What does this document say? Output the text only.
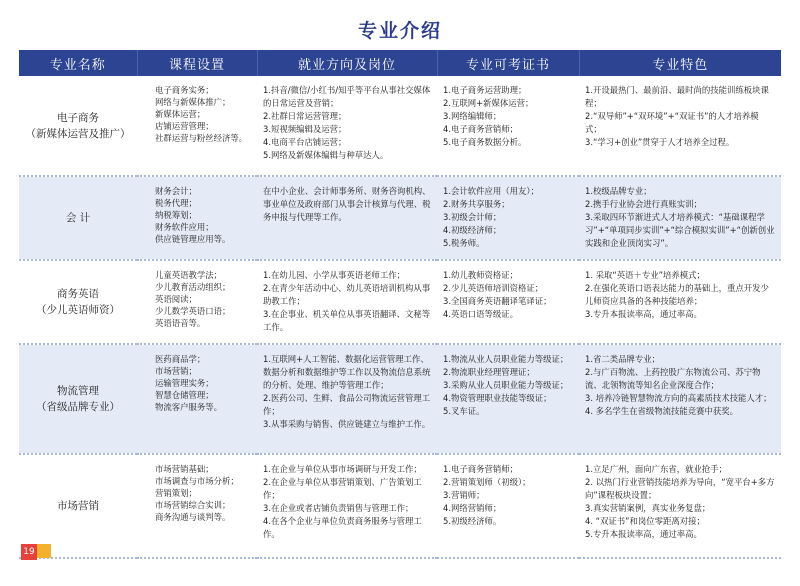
专业介绍
专业名称	课程设置	就业方向及岗位	专业可考证书	专业特色

电子商务
（新媒体运营及推广）	电子商务实务；
网络与新媒体推广；
新媒体运营；
店铺运营管理；
社群运营与粉丝经济等。	1.抖音/微信/小红书/知乎等平台从事社交媒体的日常运营及营销；
2.社群日常运营管理；
3.短视频编辑及运营；
4.电商平台店铺运营；
5.网络及新媒体编辑与种草达人。	1.电子商务运营助理；
2.互联网+新媒体运营；
3.网络编辑师；
4.电子商务营销师；
5.电子商务数据分析。	1.开设最热门、最前沿、最时尚的技能训练板块课程；
2.“双导师”+“双环境”+“双证书”的人才培养模式；
3.“学习+创业”贯穿于人才培养全过程。

会 计	财务会计；
税务代理；
纳税筹划；
财务软件应用；
供应链管理应用等。	在中小企业、会计师事务所、财务咨询机构、事业单位及政府部门从事会计核算与代理、税务申报与代理等工作。	1.会计软件应用（用友）；
2.财务共享服务；
3.初级会计师；
4.初级经济师；
5.税务师。	1.校级品牌专业；
2.携手行业协会进行真账实训；
3.采取四环节渐进式人才培养模式：“基础课程学习”+“单项同步实训”+“综合模拟实训”+“创新创业实践和企业顶岗实习”。

商务英语
（少儿英语师资）	儿童英语教学法；
少儿教育活动组织；
英语阅读；
少儿数学英语口语；
英语语音等。	1.在幼儿园、小学从事英语老师工作；
2.在青少年活动中心、幼儿英语培训机构从事助教工作；
3.在企事业、机关单位从事英语翻译、文秘等工作。	1.幼儿教师资格证；
2.少儿英语师培训资格证；
3.全国商务英语翻译笔译证；
4.英语口语等级证。	1. 采取“英语＋专业”培养模式；
2.在强化英语口语表达能力的基础上，重点开发少儿师资应具备的各种技能培养；
3.专升本报读率高，通过率高。

物流管理
（省级品牌专业）	医药商品学；
市场营销；
运输管理实务；
智慧仓储管理；
物流客户服务等。	1.互联网+人工智能、数据化运营管理工作、数据分析和数据维护等工作以及物流信息系统的分析、处理、维护等管理工作；
2.医药公司、生鲜、食品公司物流运营管理工作；
3.从事采购与销售、供应链建立与维护工作。	1.物流从业人员职业能力等级证；
2.物流职业经理管理证；
3.采购从业人员职业能力等级证；
4.物资管理职业技能等级证；
5.叉车证。	1.省二类品牌专业；
2.与广百物流、上药控股广东物流公司、苏宁物流、北领物流等知名企业深度合作；
3. 培养冷链智慧物流方向的高素质技术技能人才；
4. 多名学生在省级物流技能竞赛中获奖。

市场营销	市场营销基础；
市场调查与市场分析；
营销策划；
市场营销综合实训；
商务沟通与谈判等。	1.在企业与单位从事市场调研与开发工作；
2.在企业与单位从事营销策划、广告策划工作；
3.在企业或者店铺负责销售与管理工作；
4.在各个企业与单位负责商务服务与管理工作。	1.电子商务营销师；
2.营销策划师（初级）；
3.营销师；
4.网络营销师；
5.初级经济师。	1.立足广州，面向广东省，就业抢手；
2. 以热门行业营销技能培养为导向，“宽平台+多方向”课程板块设置；
3.真实营销案例，真实业务复盘；
4. “双证书”和岗位零距离对接；
5.专升本报读率高，通过率高。
19
